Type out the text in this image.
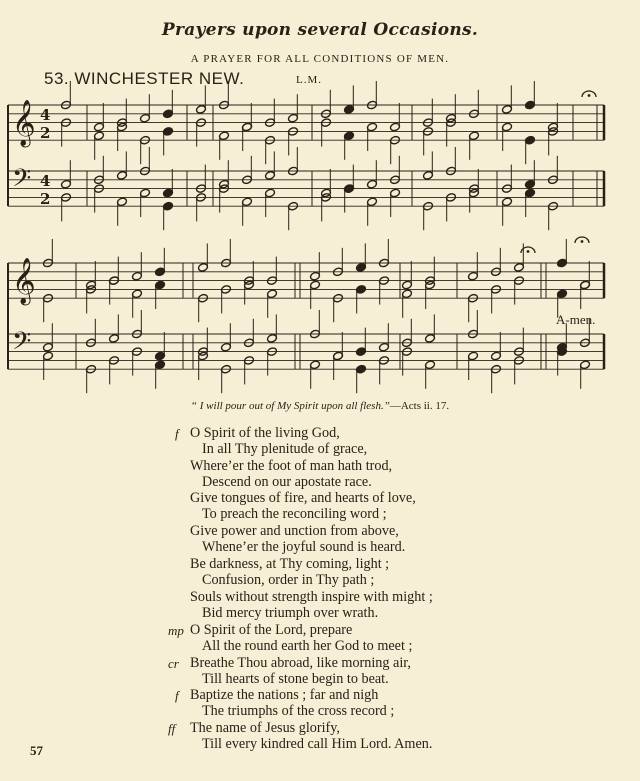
Prayers upon several Occasions.
A PRAYER FOR ALL CONDITIONS OF MEN.
53. WINCHESTER NEW.	L.M.
𝄞 4
2
𝄢 4
2
𝄞
𝄢
A-men.
“ I will pour out of My Spirit upon all flesh.”—Acts ii. 17.
O Spirit of the living God,
In all Thy plenitude of grace,
Where’er the foot of man hath trod,
Descend on our apostate race.
f
Give tongues of fire, and hearts of love,
To preach the reconciling word ;
Give power and unction from above,
Whene’er the joyful sound is heard.
Be darkness, at Thy coming, light ;
Confusion, order in Thy path ;
Souls without strength inspire with might ;
Bid mercy triumph over wrath.
O Spirit of the Lord, prepare
All the round earth her God to meet ;
Breathe Thou abroad, like morning air,
Till hearts of stone begin to beat.
mp
cr
Baptize the nations ; far and nigh
The triumphs of the cross record ;
The name of Jesus glorify,
Till every kindred call Him Lord. Amen.
f
ff
57
